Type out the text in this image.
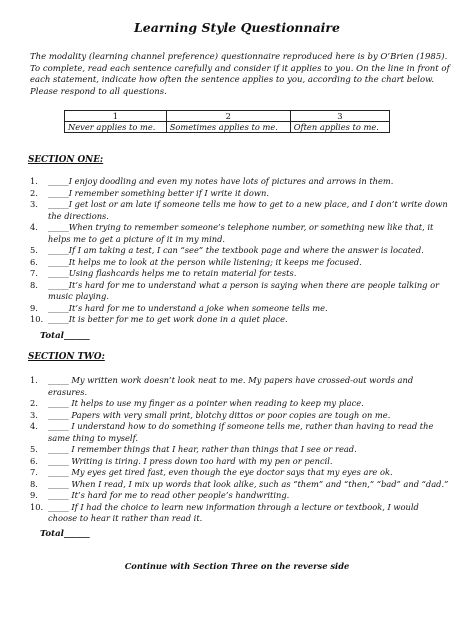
Learning Style Questionnaire
The modality (learning channel preference) questionnaire reproduced here is by O’Brien (1985). To complete, read each sentence carefully and consider if it applies to you. On the line in front of each statement, indicate how often the sentence applies to you, according to the chart below. Please respond to all questions.
1	2	3
Never applies to me.	Sometimes applies to me.	Often applies to me.
SECTION ONE:
1.	_____I enjoy doodling and even my notes have lots of pictures and arrows in them.
2.	_____I remember something better if I write it down.
3.	_____I get lost or am late if someone tells me how to get to a new place, and I don’t write down the directions.
4.	_____When trying to remember someone’s telephone number, or something new like that, it helps me to get a picture of it in my mind.
5.	_____If I am taking a test, I can “see” the textbook page and where the answer is located.
6.	_____It helps me to look at the person while listening; it keeps me focused.
7.	_____Using flashcards helps me to retain material for tests.
8.	_____It’s hard for me to understand what a person is saying when there are people talking or music playing.
9.	_____It’s hard for me to understand a joke when someone tells me.
10. _____It is better for me to get work done in a quiet place.
Total______
SECTION TWO:
1.	_____ My written work doesn’t look neat to me. My papers have crossed-out words and erasures.
2.	_____ It helps to use my finger as a pointer when reading to keep my place.
3.	_____ Papers with very small print, blotchy dittos or poor copies are tough on me.
4.	_____ I understand how to do something if someone tells me, rather than having to read the same thing to myself.
5.	_____ I remember things that I hear, rather than things that I see or read.
6.	_____ Writing is tiring. I press down too hard with my pen or pencil.
7.	_____ My eyes get tired fast, even though the eye doctor says that my eyes are ok.
8.	_____ When I read, I mix up words that look alike, such as “them” and “then,” “bad” and “dad.”
9.	_____ It’s hard for me to read other people’s handwriting.
10. _____ If I had the choice to learn new information through a lecture or textbook, I would choose to hear it rather than read it.
Total______
Continue with Section Three on the reverse side
